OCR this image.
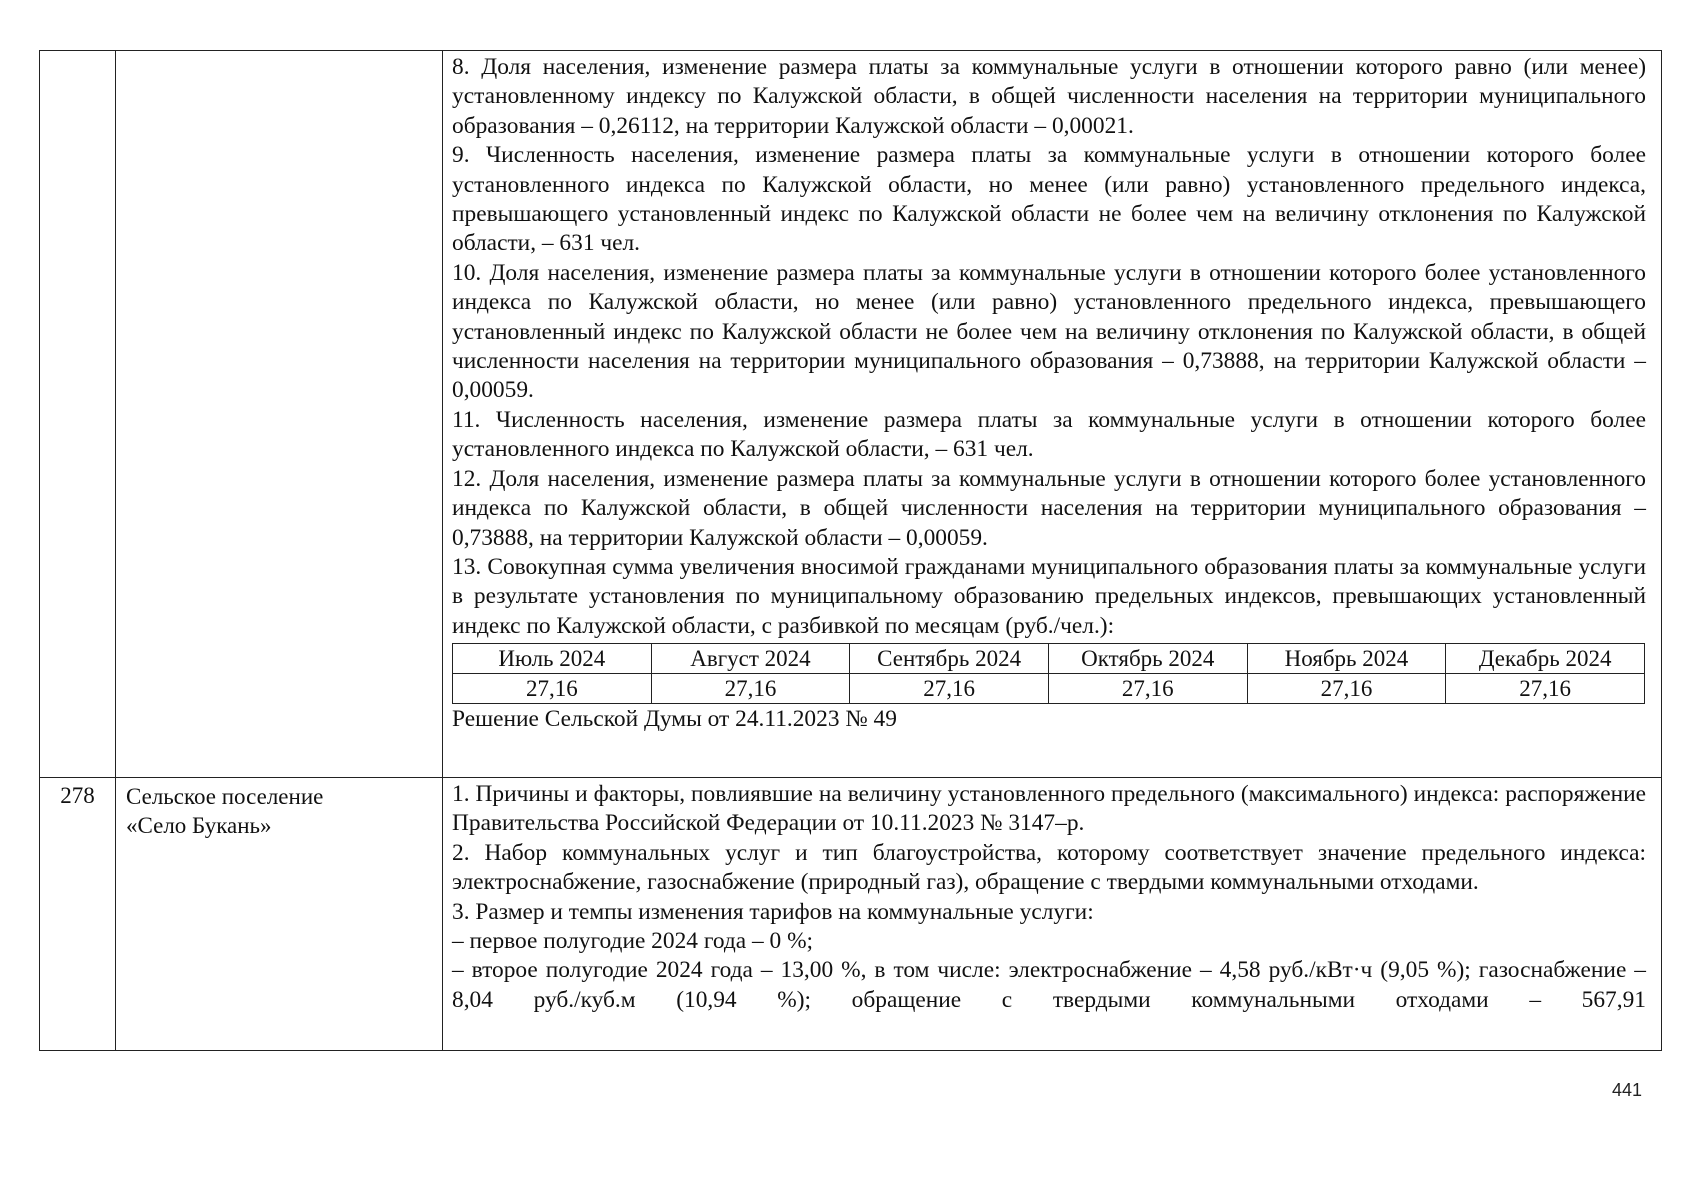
8. Доля населения, изменение размера платы за коммунальные услуги в отношении которого равно (или менее) установленному индексу по Калужской области, в общей численности населения на территории муниципального образования – 0,26112, на территории Калужской области – 0,00021.

9. Численность населения, изменение размера платы за коммунальные услуги в отношении которого более установленного индекса по Калужской области, но менее (или равно) установленного предельного индекса, превышающего установленный индекс по Калужской области не более чем на величину отклонения по Калужской области, – 631 чел.

10. Доля населения, изменение размера платы за коммунальные услуги в отношении которого более установленного индекса по Калужской области, но менее (или равно) установленного предельного индекса, превышающего установленный индекс по Калужской области не более чем на величину отклонения по Калужской области, в общей численности населения на территории муниципального образования – 0,73888, на территории Калужской области – 0,00059.

11. Численность населения, изменение размера платы за коммунальные услуги в отношении которого более установленного индекса по Калужской области, – 631 чел.

12. Доля населения, изменение размера платы за коммунальные услуги в отношении которого более установленного индекса по Калужской области, в общей численности населения на территории муниципального образования – 0,73888, на территории Калужской области – 0,00059.

13. Совокупная сумма увеличения вносимой гражданами муниципального образования платы за коммунальные услуги в результате установления по муниципальному образованию предельных индексов, превышающих установленный индекс по Калужской области, с разбивкой по месяцам (руб./чел.):

Июль 2024	Август 2024	Сентябрь 2024	Октябрь 2024	Ноябрь 2024	Декабрь 2024
27,16	27,16	27,16	27,16	27,16	27,16

Решение Сельской Думы от 24.11.2023 № 49

278	Сельское поселение
«Село Букань»

1. Причины и факторы, повлиявшие на величину установленного предельного (максимального) индекса: распоряжение Правительства Российской Федерации от 10.11.2023 № 3147–р.

2. Набор коммунальных услуг и тип благоустройства, которому соответствует значение предельного индекса: электроснабжение, газоснабжение (природный газ), обращение с твердыми коммунальными отходами.

3. Размер и темпы изменения тарифов на коммунальные услуги:

– первое полугодие 2024 года – 0 %;

– второе полугодие 2024 года – 13,00 %, в том числе: электроснабжение – 4,58 руб./кВт·ч (9,05 %); газоснабжение – 8,04 руб./куб.м (10,94 %); обращение с твердыми коммунальными отходами – 567,91

441
